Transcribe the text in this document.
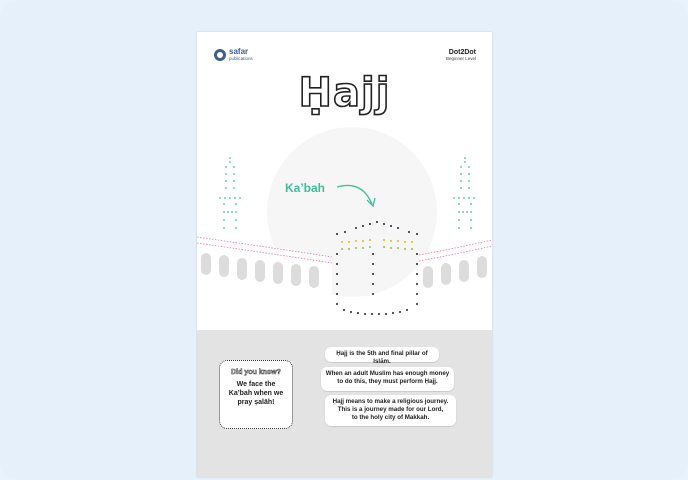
safar
publications
Dot2Dot
Beginner Level
Ḥajj
Ka’bah
Did you know?
We face the
Ka’bah when we
pray ṣalāh!
Ḥajj is the 5th and final pillar of Islām.
When an adult Muslim has enough money
to do this, they must perform Ḥajj.
Ḥajj means to make a religious journey.
This is a journey made for our Lord,
to the holy city of Makkah.
